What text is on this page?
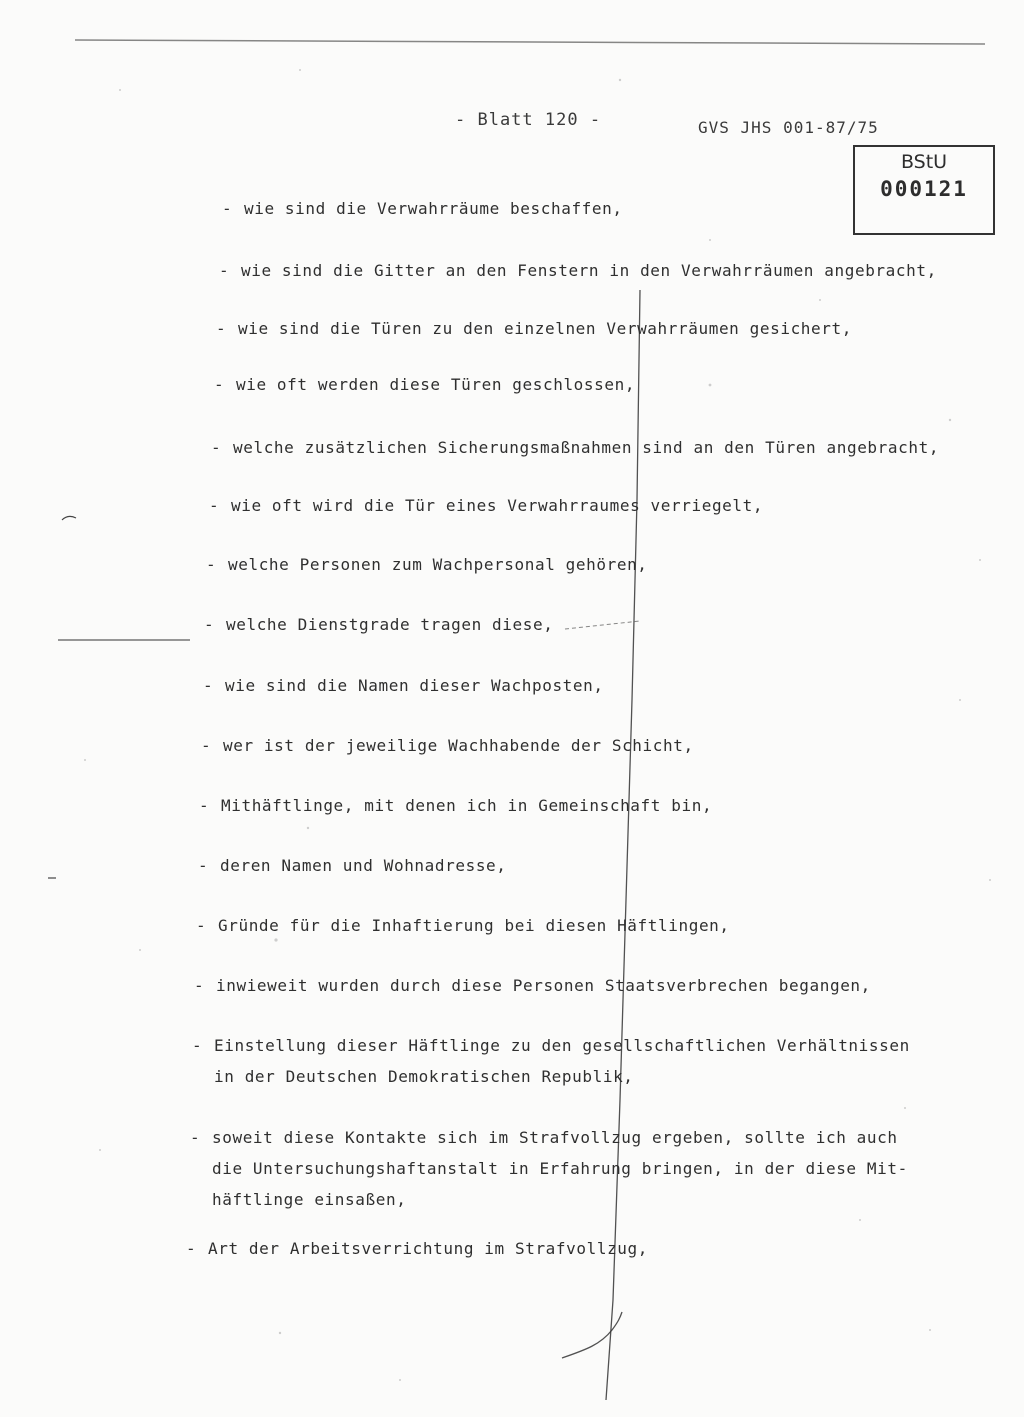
- Blatt 120 -	GVS JHS 001-87/75
BStU
000121
- wie sind die Verwahrräume beschaffen,
- wie sind die Gitter an den Fenstern in den Verwahrräumen angebracht,
- wie sind die Türen zu den einzelnen Verwahrräumen gesichert,
- wie oft werden diese Türen geschlossen,
- welche zusätzlichen Sicherungsmaßnahmen sind an den Türen angebracht,
- wie oft wird die Tür eines Verwahrraumes verriegelt,
- welche Personen zum Wachpersonal gehören,
- welche Dienstgrade tragen diese,
- wie sind die Namen dieser Wachposten,
- wer ist der jeweilige Wachhabende der Schicht,
- Mithäftlinge, mit denen ich in Gemeinschaft bin,
- deren Namen und Wohnadresse,
- Gründe für die Inhaftierung bei diesen Häftlingen,
- inwieweit wurden durch diese Personen Staatsverbrechen begangen,
- Einstellung dieser Häftlinge zu den gesellschaftlichen Verhältnissen
in der Deutschen Demokratischen Republik,
- soweit diese Kontakte sich im Strafvollzug ergeben, sollte ich auch
die Untersuchungshaftanstalt in Erfahrung bringen, in der diese Mit-
häftlinge einsaßen,
- Art der Arbeitsverrichtung im Strafvollzug,
